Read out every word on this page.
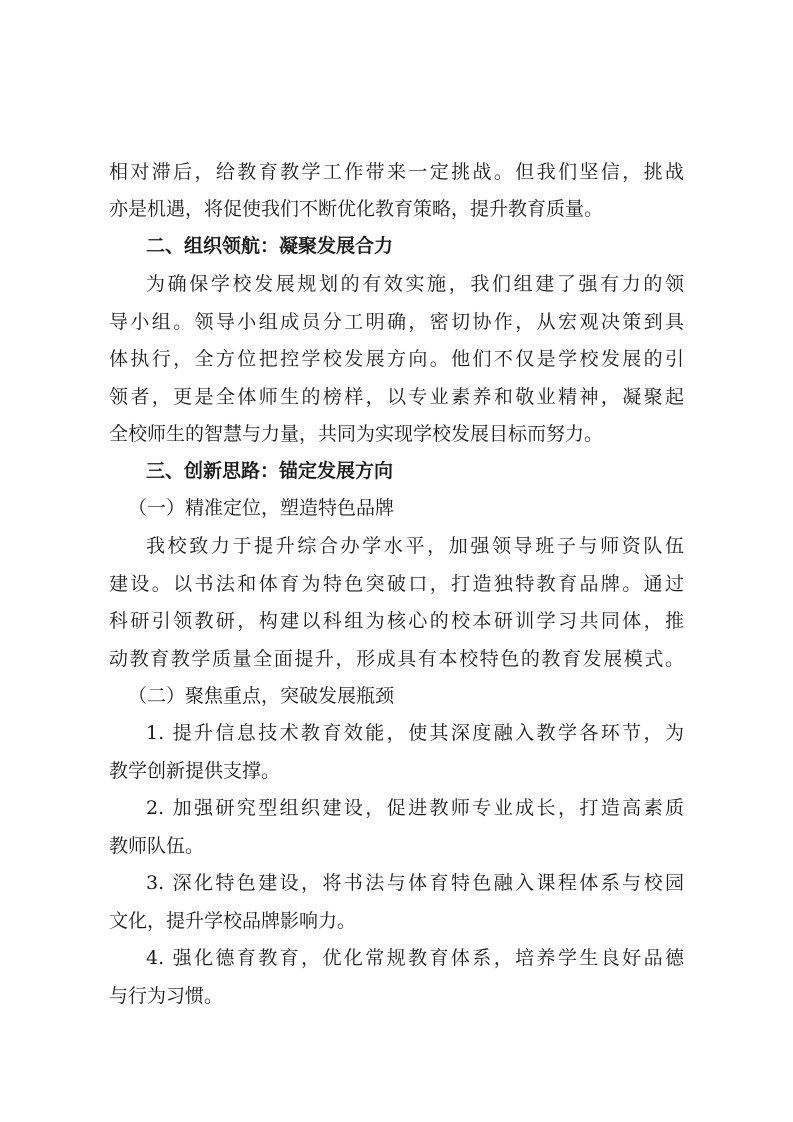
相对滞后，给教育教学工作带来一定挑战。但我们坚信，挑战

亦是机遇，将促使我们不断优化教育策略，提升教育质量。

二、组织领航：凝聚发展合力

为确保学校发展规划的有效实施，我们组建了强有力的领

导小组。领导小组成员分工明确，密切协作，从宏观决策到具

体执行，全方位把控学校发展方向。他们不仅是学校发展的引

领者，更是全体师生的榜样，以专业素养和敬业精神，凝聚起

全校师生的智慧与力量，共同为实现学校发展目标而努力。

三、创新思路：锚定发展方向

（一）精准定位，塑造特色品牌

我校致力于提升综合办学水平，加强领导班子与师资队伍

建设。以书法和体育为特色突破口，打造独特教育品牌。通过

科研引领教研，构建以科组为核心的校本研训学习共同体，推

动教育教学质量全面提升，形成具有本校特色的教育发展模式。

（二）聚焦重点，突破发展瓶颈

1. 提升信息技术教育效能，使其深度融入教学各环节，为

教学创新提供支撑。

2. 加强研究型组织建设，促进教师专业成长，打造高素质

教师队伍。

3. 深化特色建设，将书法与体育特色融入课程体系与校园

文化，提升学校品牌影响力。

4. 强化德育教育，优化常规教育体系，培养学生良好品德

与行为习惯。
